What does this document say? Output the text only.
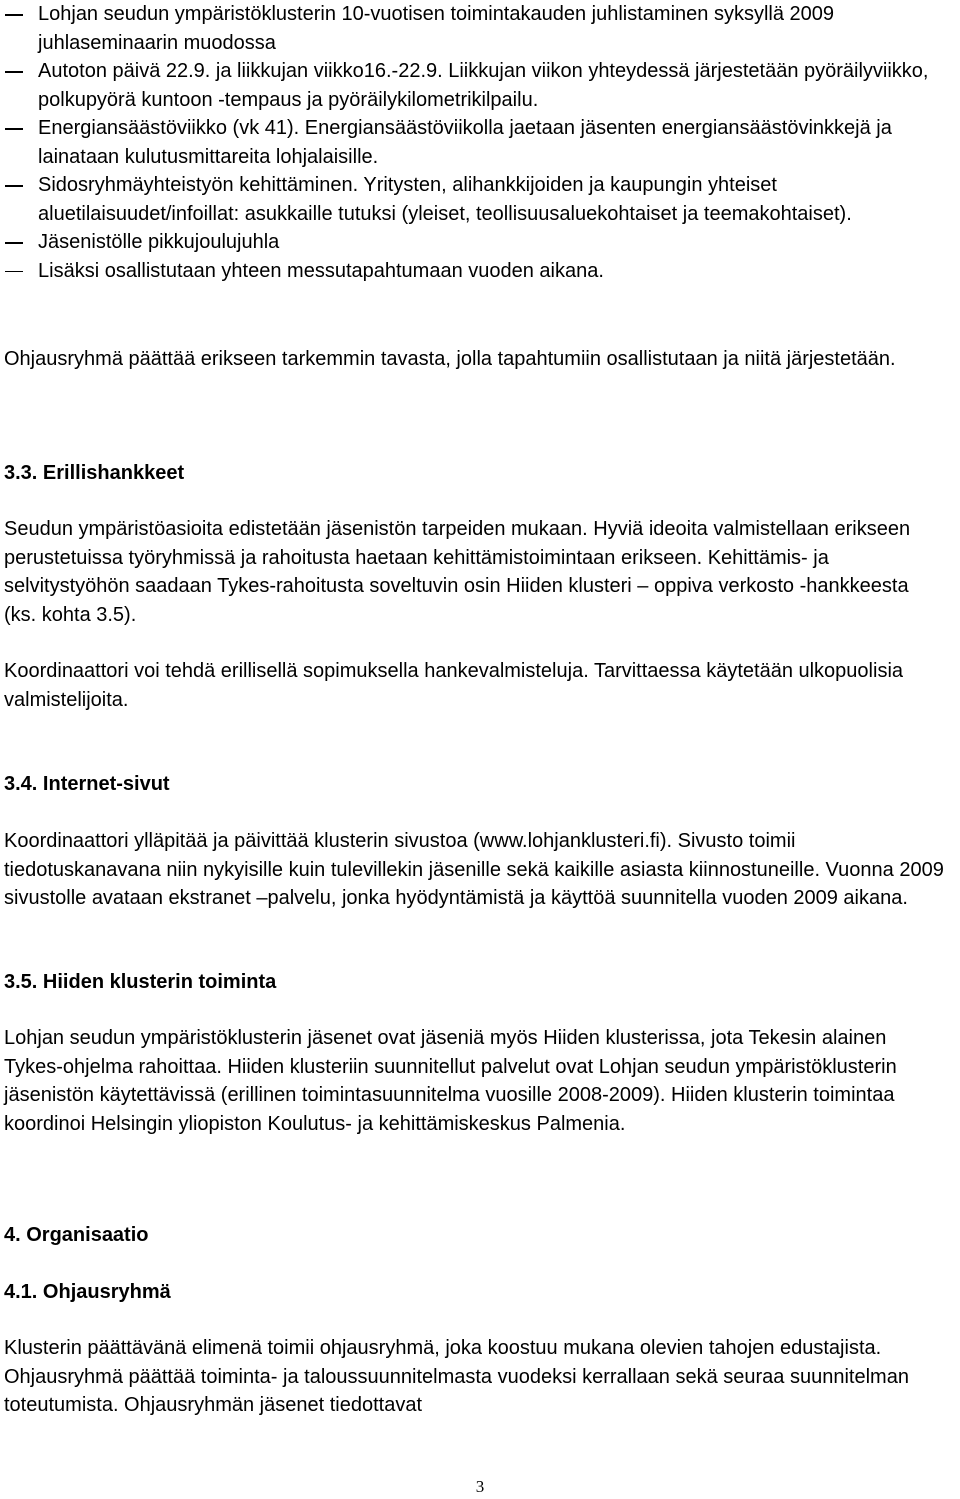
Lohjan seudun ympäristöklusterin 10-vuotisen toimintakauden juhlistaminen syksyllä 2009 juhlaseminaarin muodossa
Autoton päivä 22.9. ja liikkujan viikko16.-22.9. Liikkujan viikon yhteydessä järjestetään pyöräilyviikko, polkupyörä kuntoon -tempaus ja pyöräilykilometrikilpailu.
Energiansäästöviikko (vk 41). Energiansäästöviikolla jaetaan jäsenten energiansäästövinkkejä ja lainataan kulutusmittareita lohjalaisille.
Sidosryhmäyhteistyön kehittäminen. Yritysten, alihankkijoiden ja kaupungin yhteiset aluetilaisuudet/infoillat: asukkaille tutuksi (yleiset, teollisuusaluekohtaiset ja teemakohtaiset).
Jäsenistölle pikkujoulujuhla
Lisäksi osallistutaan yhteen messutapahtumaan vuoden aikana.

Ohjausryhmä päättää erikseen tarkemmin tavasta, jolla tapahtumiin osallistutaan ja niitä järjestetään.

3.3. Erillishankkeet

Seudun ympäristöasioita edistetään jäsenistön tarpeiden mukaan. Hyviä ideoita valmistellaan erikseen perustetuissa työryhmissä ja rahoitusta haetaan kehittämistoimintaan erikseen. Kehittämis- ja selvitystyöhön saadaan Tykes-rahoitusta soveltuvin osin Hiiden klusteri – oppiva verkosto -hankkeesta (ks. kohta 3.5).

Koordinaattori voi tehdä erillisellä sopimuksella hankevalmisteluja. Tarvittaessa käytetään ulkopuolisia valmistelijoita.

3.4. Internet-sivut

Koordinaattori ylläpitää ja päivittää klusterin sivustoa (www.lohjanklusteri.fi). Sivusto toimii tiedotuskanavana niin nykyisille kuin tulevillekin jäsenille sekä kaikille asiasta kiinnostuneille. Vuonna 2009 sivustolle avataan ekstranet –palvelu, jonka hyödyntämistä ja käyttöä suunnitella vuoden 2009 aikana.

3.5. Hiiden klusterin toiminta

Lohjan seudun ympäristöklusterin jäsenet ovat jäseniä myös Hiiden klusterissa, jota Tekesin alainen Tykes-ohjelma rahoittaa. Hiiden klusteriin suunnitellut palvelut ovat Lohjan seudun ympäristöklusterin jäsenistön käytettävissä (erillinen toimintasuunnitelma vuosille 2008-2009). Hiiden klusterin toimintaa koordinoi Helsingin yliopiston Koulutus- ja kehittämiskeskus Palmenia.

4. Organisaatio
4.1. Ohjausryhmä

Klusterin päättävänä elimenä toimii ohjausryhmä, joka koostuu mukana olevien tahojen edustajista. Ohjausryhmä päättää toiminta- ja taloussuunnitelmasta vuodeksi kerrallaan sekä seuraa suunnitelman toteutumista. Ohjausryhmän jäsenet tiedottavat

3
